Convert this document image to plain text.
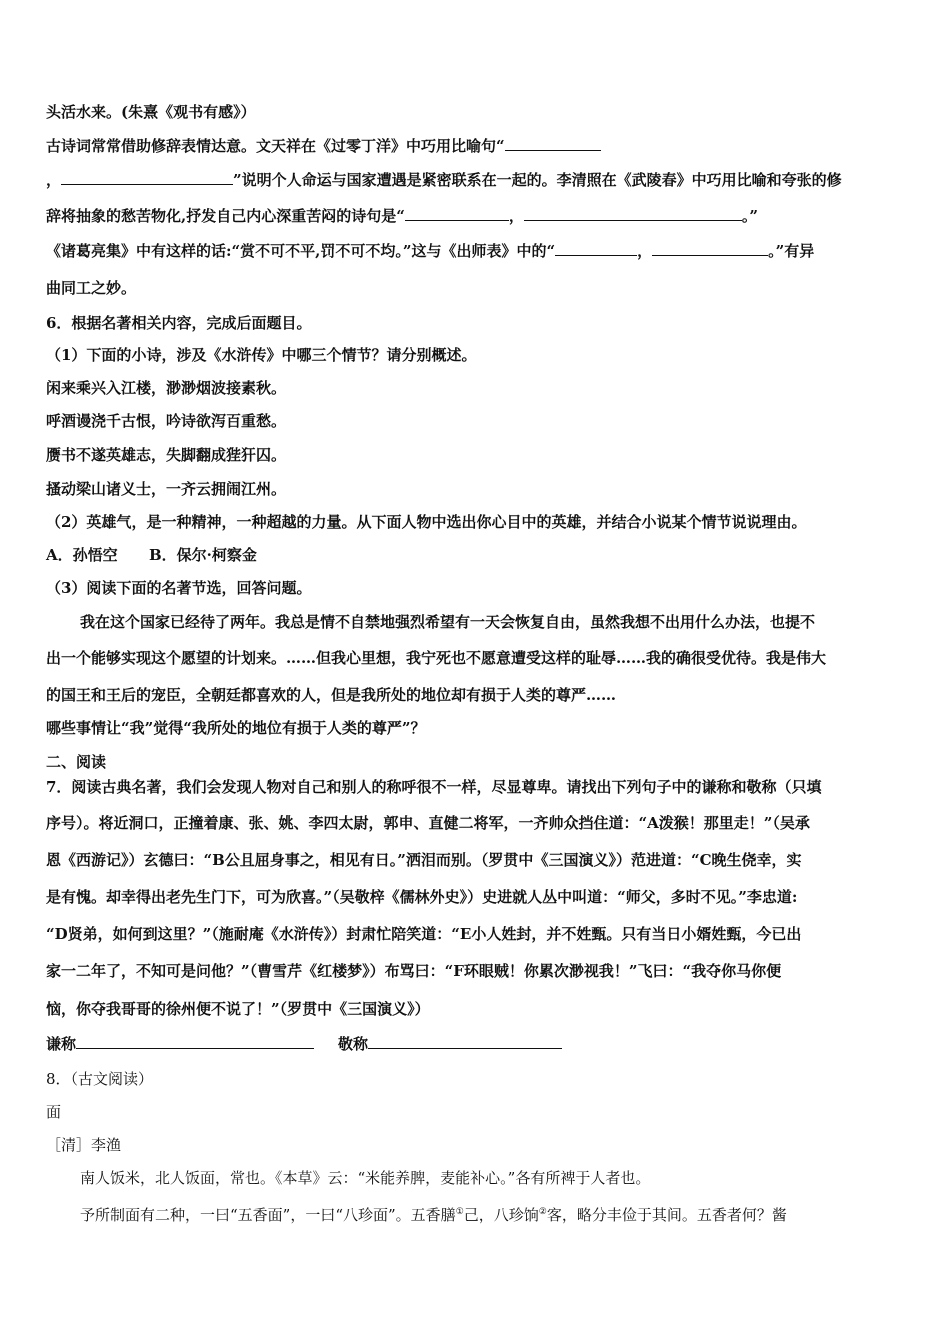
头活水来。(朱熹《观书有感》）
古诗词常常借助修辞表情达意。文天祥在《过零丁洋》中巧用比喻句“
，	”说明个人命运与国家遭遇是紧密联系在一起的。李清照在《武陵春》中巧用比喻和夸张的修
辞将抽象的愁苦物化,抒发自己内心深重苦闷的诗句是“	，	。”
《诸葛亮集》中有这样的话:“赏不可不平,罚不可不均。”这与《出师表》中的“	，	。”有异
曲同工之妙。
6．根据名著相关内容，完成后面题目。
（1）下面的小诗，涉及《水浒传》中哪三个情节？请分别概述。
闲来乘兴入江楼，渺渺烟波接素秋。
呼酒谩浇千古恨，吟诗欲泻百重愁。
赝书不遂英雄志，失脚翻成狴犴囚。
搔动梁山诸义士，一齐云拥闹江州。
（2）英雄气，是一种精神，一种超越的力量。从下面人物中选出你心目中的英雄，并结合小说某个情节说说理由。
A．孙悟空      B．保尔·柯察金
（3）阅读下面的名著节选，回答问题。
我在这个国家已经待了两年。我总是情不自禁地强烈希望有一天会恢复自由，虽然我想不出用什么办法，也提不
出一个能够实现这个愿望的计划来。……但我心里想，我宁死也不愿意遭受这样的耻辱……我的确很受优待。我是伟大
的国王和王后的宠臣，全朝廷都喜欢的人，但是我所处的地位却有损于人类的尊严……
哪些事情让“我”觉得“我所处的地位有损于人类的尊严”？
二、阅读
7．阅读古典名著，我们会发现人物对自己和别人的称呼很不一样，尽显尊卑。请找出下列句子中的谦称和敬称（只填
序号）。将近洞口，正撞着康、张、姚、李四太尉，郭申、直健二将军，一齐帅众挡住道：“A泼猴！那里走！”（吴承
恩《西游记》）玄德曰：“B公且屈身事之，相见有日。”洒泪而别。（罗贯中《三国演义》）范进道：“C晚生侥幸，实
是有愧。却幸得出老先生门下，可为欣喜。”（吴敬梓《儒林外史》）史进就人丛中叫道：“师父，多时不见。”李忠道:
“D贤弟，如何到这里？”（施耐庵《水浒传》）封肃忙陪笑道：“E小人姓封，并不姓甄。只有当日小婿姓甄，今已出
家一二年了，不知可是问他？”（曹雪芹《红楼梦》）布骂曰：“F环眼贼！你累次渺视我！”飞曰：“我夺你马你便
恼，你夺我哥哥的徐州便不说了！”（罗贯中《三国演义》）
谦称	敬称
8．（古文阅读）
面
［清］李渔
南人饭米，北人饭面，常也。《本草》云：“米能养脾，麦能补心。”各有所裨于人者也。
予所制面有二种，一曰“五香面”，一曰“八珍面”。五香膳①己，八珍饷②客，略分丰俭于其间。五香者何？酱
